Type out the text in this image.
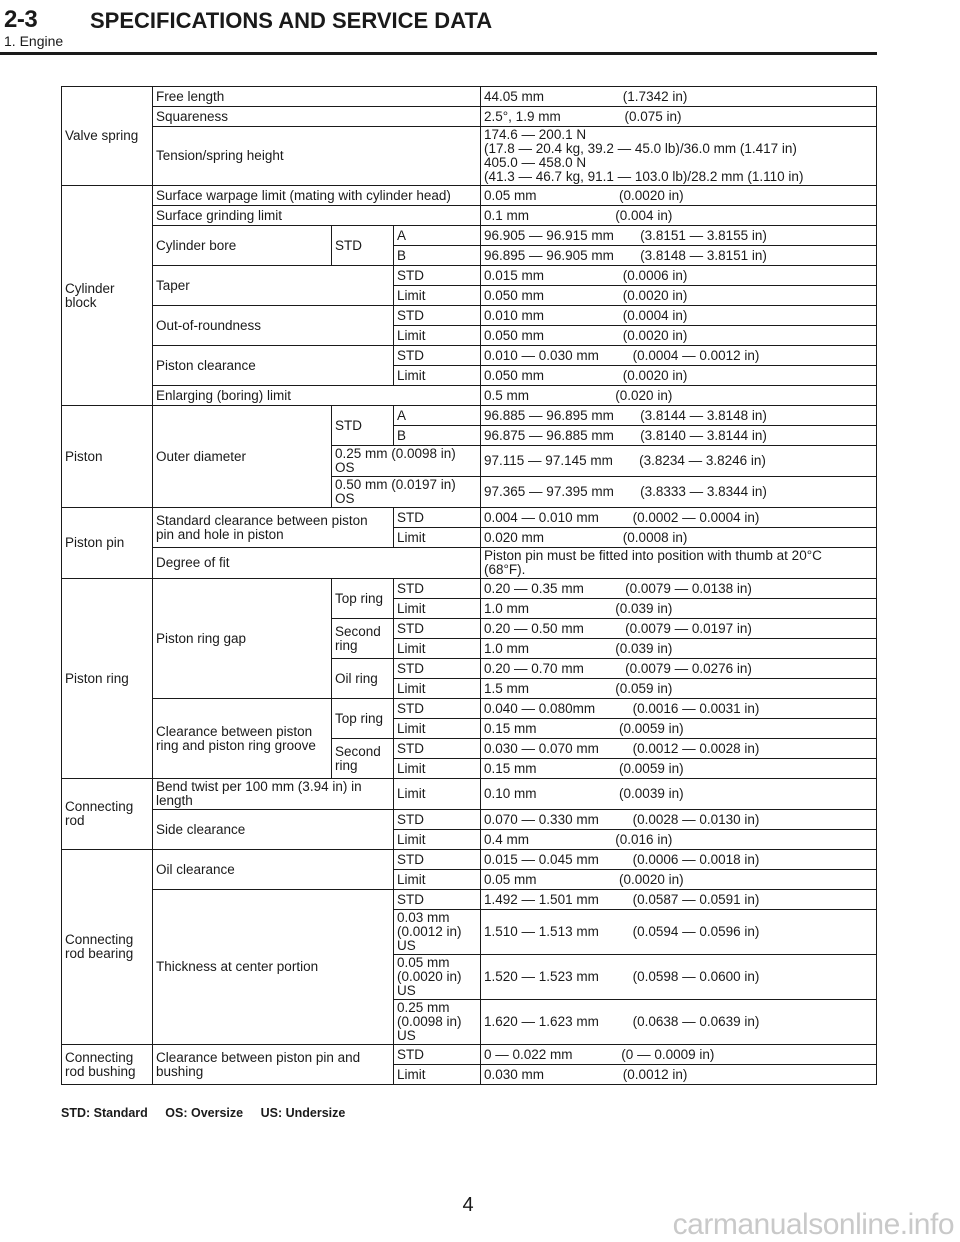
2-3 SPECIFICATIONS AND SERVICE DATA
1. Engine
Valve spring	Free length			44.05 mm                     (1.7342 in)
	Squareness			2.5°, 1.9 mm                 (0.075 in)
	Tension/spring height			174.6 — 200.1 N
(17.8 — 20.4 kg, 39.2 — 45.0 lb)/36.0 mm (1.417 in)
405.0 — 458.0 N
(41.3 — 46.7 kg, 91.1 — 103.0 lb)/28.2 mm (1.110 in)
Cylinder
block	Surface warpage limit (mating with cylinder head)			0.05 mm                      (0.0020 in)
	Surface grinding limit			0.1 mm                       (0.004 in)
	Cylinder bore	STD	A	96.905 — 96.915 mm       (3.8151 — 3.8155 in)
			B	96.895 — 96.905 mm       (3.8148 — 3.8151 in)
	Taper		STD	0.015 mm                     (0.0006 in)
			Limit	0.050 mm                     (0.0020 in)
	Out-of-roundness		STD	0.010 mm                     (0.0004 in)
			Limit	0.050 mm                     (0.0020 in)
	Piston clearance		STD	0.010 — 0.030 mm         (0.0004 — 0.0012 in)
			Limit	0.050 mm                     (0.0020 in)
	Enlarging (boring) limit			0.5 mm                       (0.020 in)
Piston	Outer diameter	STD	A	96.885 — 96.895 mm       (3.8144 — 3.8148 in)
			B	96.875 — 96.885 mm       (3.8140 — 3.8144 in)
		0.25 mm (0.0098 in)
OS		97.115 — 97.145 mm       (3.8234 — 3.8246 in)
		0.50 mm (0.0197 in)
OS		97.365 — 97.395 mm       (3.8333 — 3.8344 in)
Piston pin	Standard clearance between piston
pin and hole in piston		STD	0.004 — 0.010 mm         (0.0002 — 0.0004 in)
			Limit	0.020 mm                     (0.0008 in)
	Degree of fit			Piston pin must be fitted into position with thumb at 20°C
(68°F).
Piston ring	Piston ring gap	Top ring	STD	0.20 — 0.35 mm           (0.0079 — 0.0138 in)
			Limit	1.0 mm                       (0.039 in)
		Second
ring	STD	0.20 — 0.50 mm           (0.0079 — 0.0197 in)
			Limit	1.0 mm                       (0.039 in)
		Oil ring	STD	0.20 — 0.70 mm           (0.0079 — 0.0276 in)
			Limit	1.5 mm                       (0.059 in)
	Clearance between piston
ring and piston ring groove	Top ring	STD	0.040 — 0.080mm          (0.0016 — 0.0031 in)
			Limit	0.15 mm                      (0.0059 in)
		Second
ring	STD	0.030 — 0.070 mm         (0.0012 — 0.0028 in)
			Limit	0.15 mm                      (0.0059 in)
Connecting
rod	Bend twist per 100 mm (3.94 in) in
length		Limit	0.10 mm                      (0.0039 in)
	Side clearance		STD	0.070 — 0.330 mm         (0.0028 — 0.0130 in)
			Limit	0.4 mm                       (0.016 in)
Connecting
rod bearing	Oil clearance		STD	0.015 — 0.045 mm         (0.0006 — 0.0018 in)
			Limit	0.05 mm                      (0.0020 in)
	Thickness at center portion		STD	1.492 — 1.501 mm         (0.0587 — 0.0591 in)
			0.03 mm
(0.0012 in)
US	1.510 — 1.513 mm         (0.0594 — 0.0596 in)
			0.05 mm
(0.0020 in)
US	1.520 — 1.523 mm         (0.0598 — 0.0600 in)
			0.25 mm
(0.0098 in)
US	1.620 — 1.623 mm         (0.0638 — 0.0639 in)
Connecting
rod bushing	Clearance between piston pin and
bushing		STD	0 — 0.022 mm             (0 — 0.0009 in)
			Limit	0.030 mm                     (0.0012 in)
STD: Standard OS: Oversize US: Undersize
4
carmanualsonline.info
